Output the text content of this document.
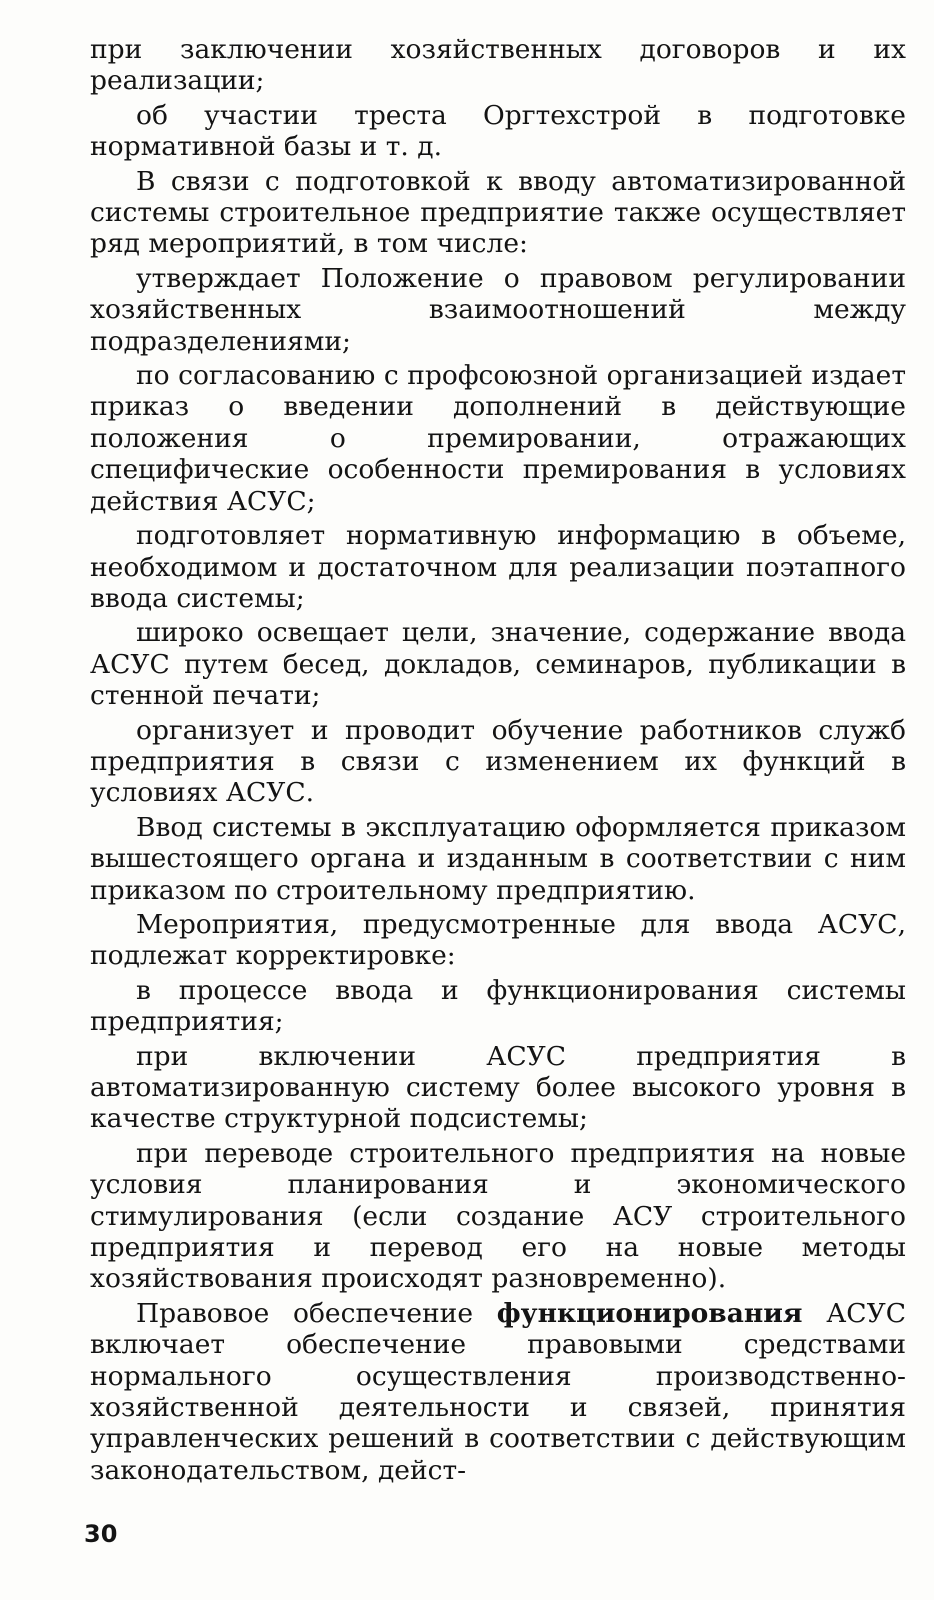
при заключении хозяйственных договоров и их реализации;

об участии треста Оргтехстрой в подготовке нормативной базы и т. д.

В связи с подготовкой к вводу автоматизированной системы строительное предприятие также осуществляет ряд мероприятий, в том числе:

утверждает Положение о правовом регулировании хозяйственных взаимоотношений между подразделениями;

по согласованию с профсоюзной организацией издает приказ о введении дополнений в действующие положения о премировании, отражающих специфические особенности премирования в условиях действия АСУС;

подготовляет нормативную информацию в объеме, необходимом и достаточном для реализации поэтапного ввода системы;

широко освещает цели, значение, содержание ввода АСУС путем бесед, докладов, семинаров, публикации в стенной печати;

организует и проводит обучение работников служб предприятия в связи с изменением их функций в условиях АСУС.

Ввод системы в эксплуатацию оформляется приказом вышестоящего органа и изданным в соответствии с ним приказом по строительному предприятию.

Мероприятия, предусмотренные для ввода АСУС, подлежат корректировке:

в процессе ввода и функционирования системы предприятия;

при включении АСУС предприятия в автоматизированную систему более высокого уровня в качестве структурной подсистемы;

при переводе строительного предприятия на новые условия планирования и экономического стимулирования (если создание АСУ строительного предприятия и перевод его на новые методы хозяйствования происходят разновременно).

Правовое обеспечение функционирования АСУС включает обеспечение правовыми средствами нормального осуществления производственно-хозяйственной деятельности и связей, принятия управленческих решений в соответствии с действующим законодательством, дейст-

30
